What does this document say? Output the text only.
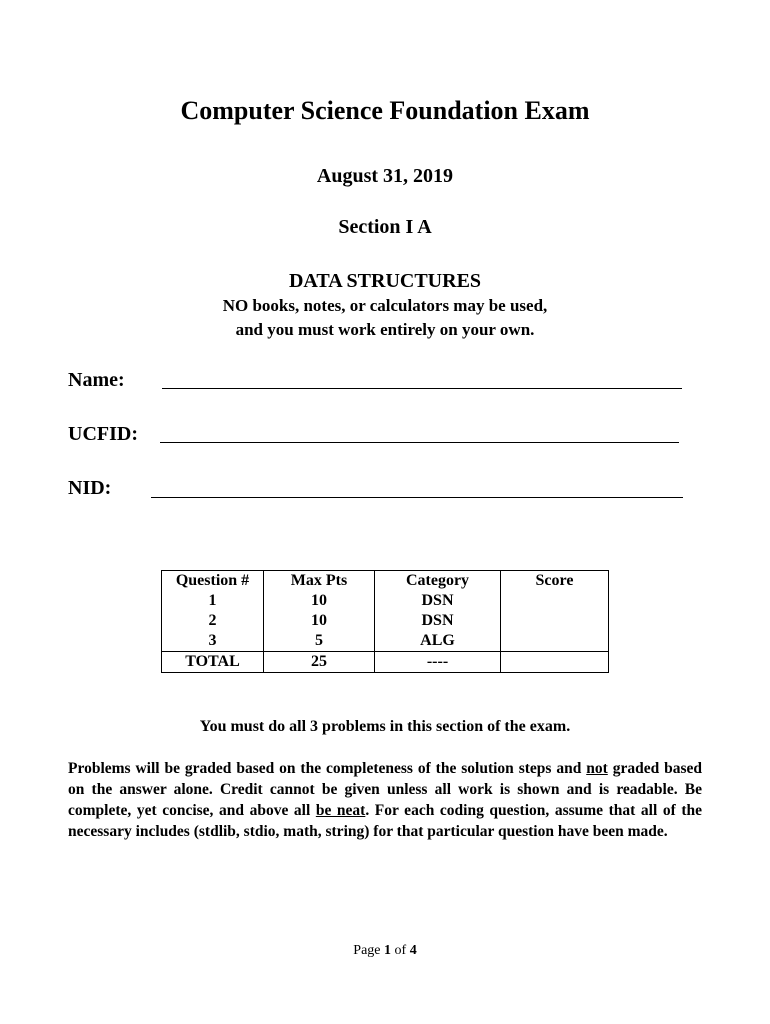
Computer Science Foundation Exam
August 31, 2019
Section I A
DATA STRUCTURES
NO books, notes, or calculators may be used,
and you must work entirely on your own.
Name:
UCFID:
NID:
Question #	Max Pts	Category	Score
1	10	DSN	
2	10	DSN	
3	5	ALG	
TOTAL	25	----	
You must do all 3 problems in this section of the exam.
Problems will be graded based on the completeness of the solution steps and not graded based on the answer alone. Credit cannot be given unless all work is shown and is readable. Be complete, yet concise, and above all be neat. For each coding question, assume that all of the necessary includes (stdlib, stdio, math, string) for that particular question have been made.
Page 1 of 4
